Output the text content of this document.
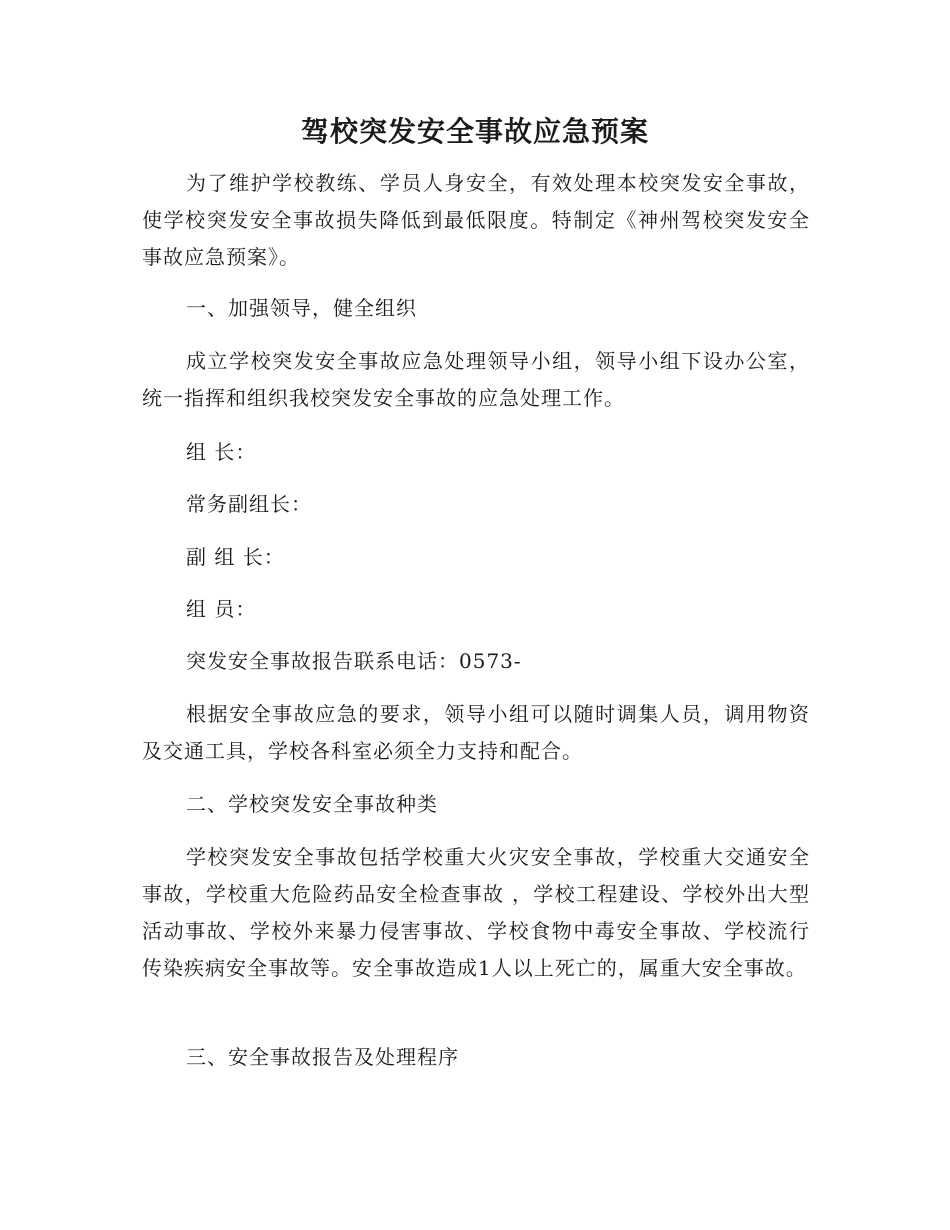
驾校突发安全事故应急预案
为了维护学校教练、学员人身安全，有效处理本校突发安全事故，使学校突发安全事故损失降低到最低限度。特制定《神州驾校突发安全事故应急预案》。
一、加强领导，健全组织
成立学校突发安全事故应急处理领导小组，领导小组下设办公室，统一指挥和组织我校突发安全事故的应急处理工作。
组 长：
常务副组长：
副 组 长：
组 员：
突发安全事故报告联系电话：0573-
根据安全事故应急的要求，领导小组可以随时调集人员，调用物资及交通工具，学校各科室必须全力支持和配合。
二、学校突发安全事故种类
学校突发安全事故包括学校重大火灾安全事故，学校重大交通安全事故，学校重大危险药品安全检查事故 ，学校工程建设、学校外出大型活动事故、学校外来暴力侵害事故、学校食物中毒安全事故、学校流行传染疾病安全事故等。安全事故造成1人以上死亡的，属重大安全事故。
三、安全事故报告及处理程序
